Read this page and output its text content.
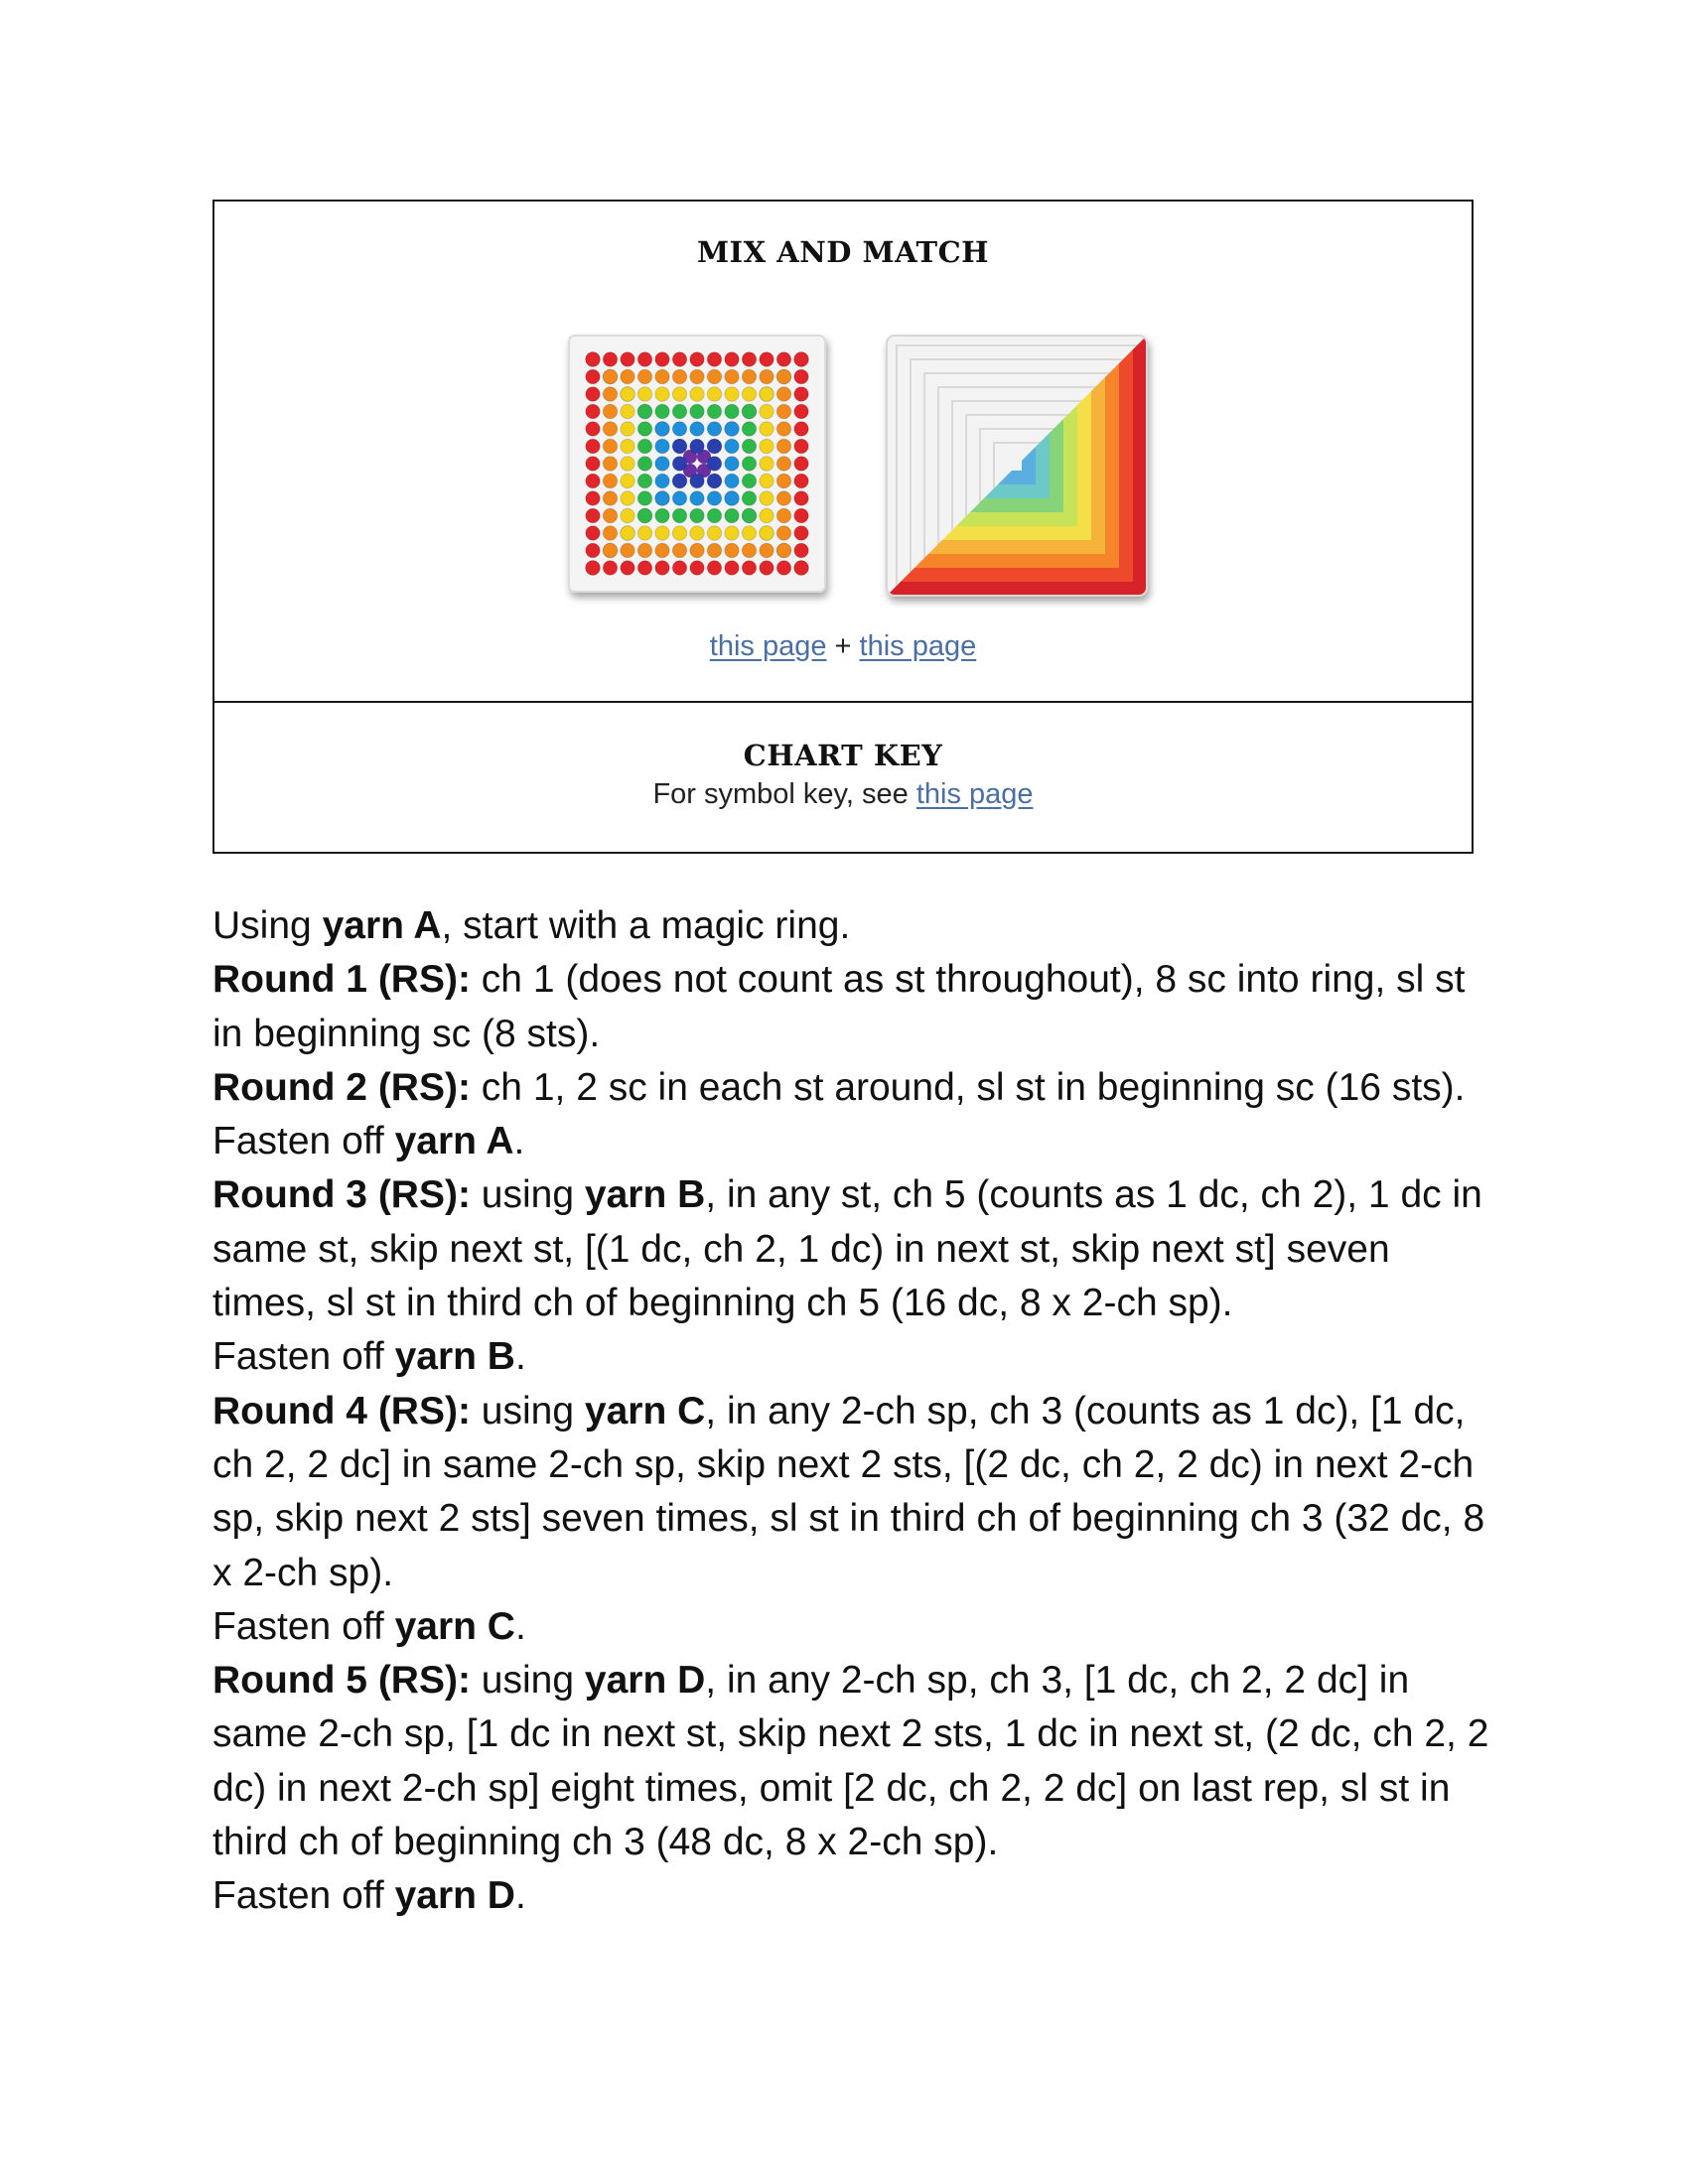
MIX AND MATCH
this page + this page
CHART KEY
For symbol key, see this page

Using yarn A, start with a magic ring.

Round 1 (RS): ch 1 (does not count as st throughout), 8 sc into ring, sl st in beginning sc (8 sts).

Round 2 (RS): ch 1, 2 sc in each st around, sl st in beginning sc (16 sts).

Fasten off yarn A.

Round 3 (RS): using yarn B, in any st, ch 5 (counts as 1 dc, ch 2), 1 dc in same st, skip next st, [(1 dc, ch 2, 1 dc) in next st, skip next st] seven times, sl st in third ch of beginning ch 5 (16 dc, 8 x 2-ch sp).

Fasten off yarn B.

Round 4 (RS): using yarn C, in any 2-ch sp, ch 3 (counts as 1 dc), [1 dc, ch 2, 2 dc] in same 2-ch sp, skip next 2 sts, [(2 dc, ch 2, 2 dc) in next 2-ch sp, skip next 2 sts] seven times, sl st in third ch of beginning ch 3 (32 dc, 8 x 2-ch sp).

Fasten off yarn C.

Round 5 (RS): using yarn D, in any 2-ch sp, ch 3, [1 dc, ch 2, 2 dc] in same 2-ch sp, [1 dc in next st, skip next 2 sts, 1 dc in next st, (2 dc, ch 2, 2 dc) in next 2-ch sp] eight times, omit [2 dc, ch 2, 2 dc] on last rep, sl st in third ch of beginning ch 3 (48 dc, 8 x 2-ch sp).

Fasten off yarn D.
